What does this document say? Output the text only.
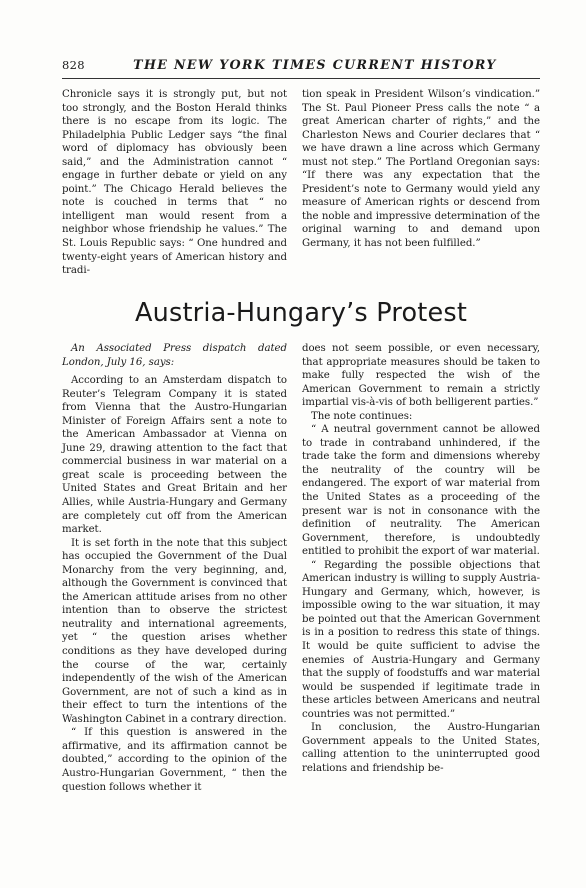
828	THE NEW YORK TIMES CURRENT HISTORY

Chronicle says it is strongly put, but not too strongly, and the Boston Herald thinks there is no escape from its logic. The Philadelphia Public Ledger says “the final word of diplomacy has obviously been said,” and the Administration cannot “ engage in further debate or yield on any point.” The Chicago Herald believes the note is couched in terms that “ no intelligent man would resent from a neighbor whose friendship he values.” The St. Louis Republic says: “ One hundred and twenty-eight years of American history and tradi-

tion speak in President Wilson’s vindication.” The St. Paul Pioneer Press calls the note “ a great American charter of rights,” and the Charleston News and Courier declares that “ we have drawn a line across which Germany must not step.” The Portland Oregonian says: “If there was any expectation that the President’s note to Germany would yield any measure of American rights or descend from the noble and impressive determination of the original warning to and demand upon Germany, it has not been fulfilled.”

Austria-Hungary’s Protest

An Associated Press dispatch dated London, July 16, says:

According to an Amsterdam dispatch to Reuter’s Telegram Company it is stated from Vienna that the Austro-Hungarian Minister of Foreign Affairs sent a note to the American Ambassador at Vienna on June 29, drawing attention to the fact that commercial business in war material on a great scale is proceeding between the United States and Great Britain and her Allies, while Austria-Hungary and Germany are completely cut off from the American market.

It is set forth in the note that this subject has occupied the Government of the Dual Monarchy from the very beginning, and, although the Government is convinced that the American attitude arises from no other intention than to observe the strictest neutrality and international agreements, yet “ the question arises whether conditions as they have developed during the course of the war, certainly independently of the wish of the American Government, are not of such a kind as in their effect to turn the intentions of the Washington Cabinet in a contrary direction.

“ If this question is answered in the affirmative, and its affirmation cannot be doubted,” according to the opinion of the Austro-Hungarian Government, “ then the question follows whether it

does not seem possible, or even necessary, that appropriate measures should be taken to make fully respected the wish of the American Government to remain a strictly impartial vis-à-vis of both belligerent parties.”

The note continues:

“ A neutral government cannot be allowed to trade in contraband unhindered, if the trade take the form and dimensions whereby the neutrality of the country will be endangered. The export of war material from the United States as a proceeding of the present war is not in consonance with the definition of neutrality. The American Government, therefore, is undoubtedly entitled to prohibit the export of war material.

“ Regarding the possible objections that American industry is willing to supply Austria-Hungary and Germany, which, however, is impossible owing to the war situation, it may be pointed out that the American Government is in a position to redress this state of things. It would be quite sufficient to advise the enemies of Austria-Hungary and Germany that the supply of foodstuffs and war material would be suspended if legitimate trade in these articles between Americans and neutral countries was not permitted.”

In conclusion, the Austro-Hungarian Government appeals to the United States, calling attention to the uninterrupted good relations and friendship be-
